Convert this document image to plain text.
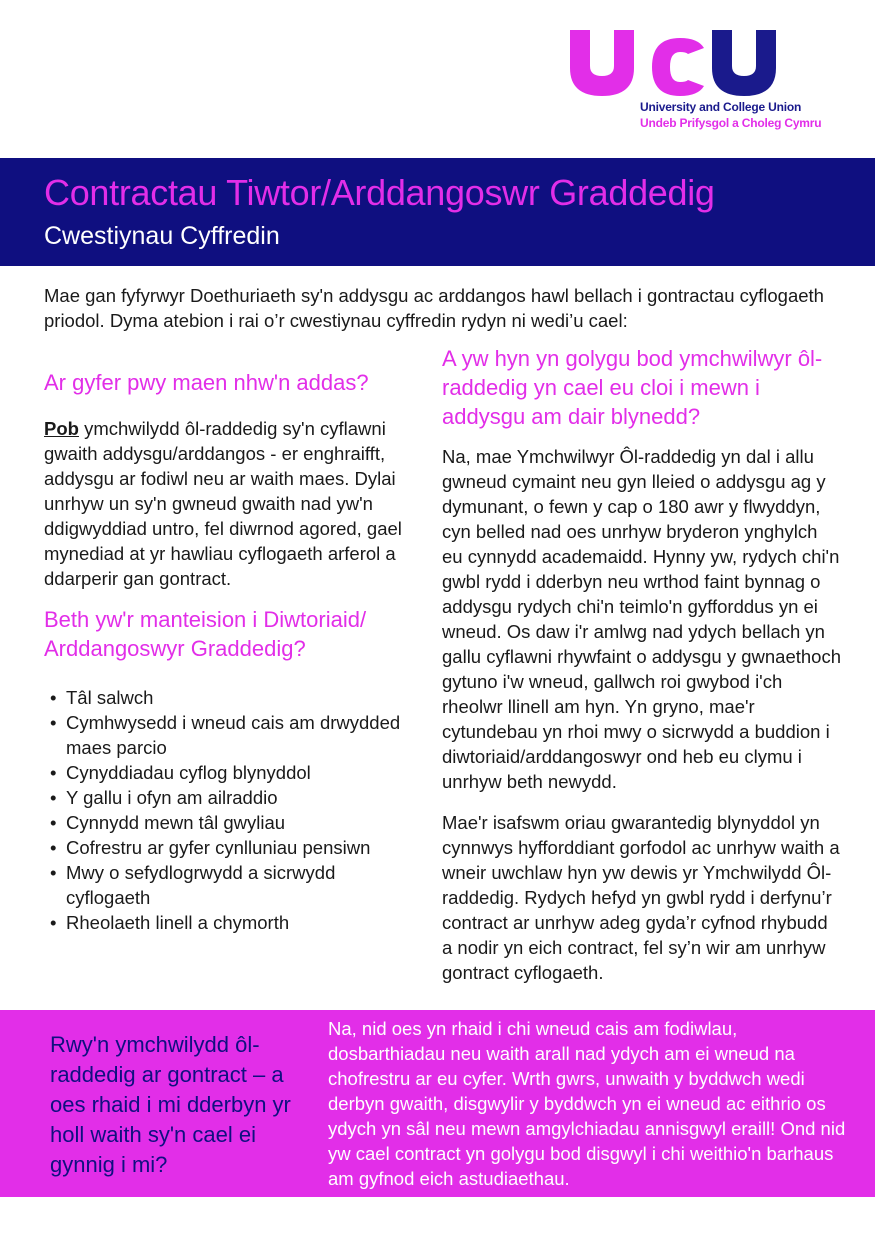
University and College Union
Undeb Prifysgol a Choleg Cymru
Contractau Tiwtor/Arddangoswr Graddedig
Cwestiynau Cyffredin

Mae gan fyfyrwyr Doethuriaeth sy'n addysgu ac arddangos hawl bellach i gontractau cyflogaeth priodol. Dyma atebion i rai o’r cwestiynau cyffredin rydyn ni wedi’u cael:

Ar gyfer pwy maen nhw'n addas?

Pob ymchwilydd ôl-raddedig sy'n cyflawni gwaith addysgu/arddangos - er enghraifft, addysgu ar fodiwl neu ar waith maes. Dylai unrhyw un sy'n gwneud gwaith nad yw'n ddigwyddiad untro, fel diwrnod agored, gael mynediad at yr hawliau cyflogaeth arferol a ddarperir gan gontract.

Beth yw'r manteision i Diwtoriaid/ Arddangoswyr Graddedig?
• Tâl salwch
• Cymhwysedd i wneud cais am drwydded maes parcio
• Cynyddiadau cyflog blynyddol
• Y gallu i ofyn am ailraddio
• Cynnydd mewn tâl gwyliau
• Cofrestru ar gyfer cynlluniau pensiwn
• Mwy o sefydlogrwydd a sicrwydd cyflogaeth
• Rheolaeth linell a chymorth
A yw hyn yn golygu bod ymchwilwyr ôl-raddedig yn cael eu cloi i mewn i addysgu am dair blynedd?

Na, mae Ymchwilwyr Ôl-raddedig yn dal i allu gwneud cymaint neu gyn lleied o addysgu ag y dymunant, o fewn y cap o 180 awr y flwyddyn, cyn belled nad oes unrhyw bryderon ynghylch eu cynnydd academaidd. Hynny yw, rydych chi'n gwbl rydd i dderbyn neu wrthod faint bynnag o addysgu rydych chi'n teimlo'n gyfforddus yn ei wneud. Os daw i'r amlwg nad ydych bellach yn gallu cyflawni rhywfaint o addysgu y gwnaethoch gytuno i'w wneud, gallwch roi gwybod i'ch rheolwr llinell am hyn. Yn gryno, mae'r cytundebau yn rhoi mwy o sicrwydd a buddion i diwtoriaid/arddangoswyr ond heb eu clymu i unrhyw beth newydd.

Mae'r isafswm oriau gwarantedig blynyddol yn cynnwys hyfforddiant gorfodol ac unrhyw waith a wneir uwchlaw hyn yw dewis yr Ymchwilydd Ôl-raddedig. Rydych hefyd yn gwbl rydd i derfynu’r contract ar unrhyw adeg gyda’r cyfnod rhybudd a nodir yn eich contract, fel sy’n wir am unrhyw gontract cyflogaeth.

Rwy'n ymchwilydd ôl-raddedig ar gontract – a oes rhaid i mi dderbyn yr holl waith sy'n cael ei gynnig i mi?
Na, nid oes yn rhaid i chi wneud cais am fodiwlau, dosbarthiadau neu waith arall nad ydych am ei wneud na chofrestru ar eu cyfer. Wrth gwrs, unwaith y byddwch wedi derbyn gwaith, disgwylir y byddwch yn ei wneud ac eithrio os ydych yn sâl neu mewn amgylchiadau annisgwyl eraill! Ond nid yw cael contract yn golygu bod disgwyl i chi weithio'n barhaus am gyfnod eich astudiaethau.
